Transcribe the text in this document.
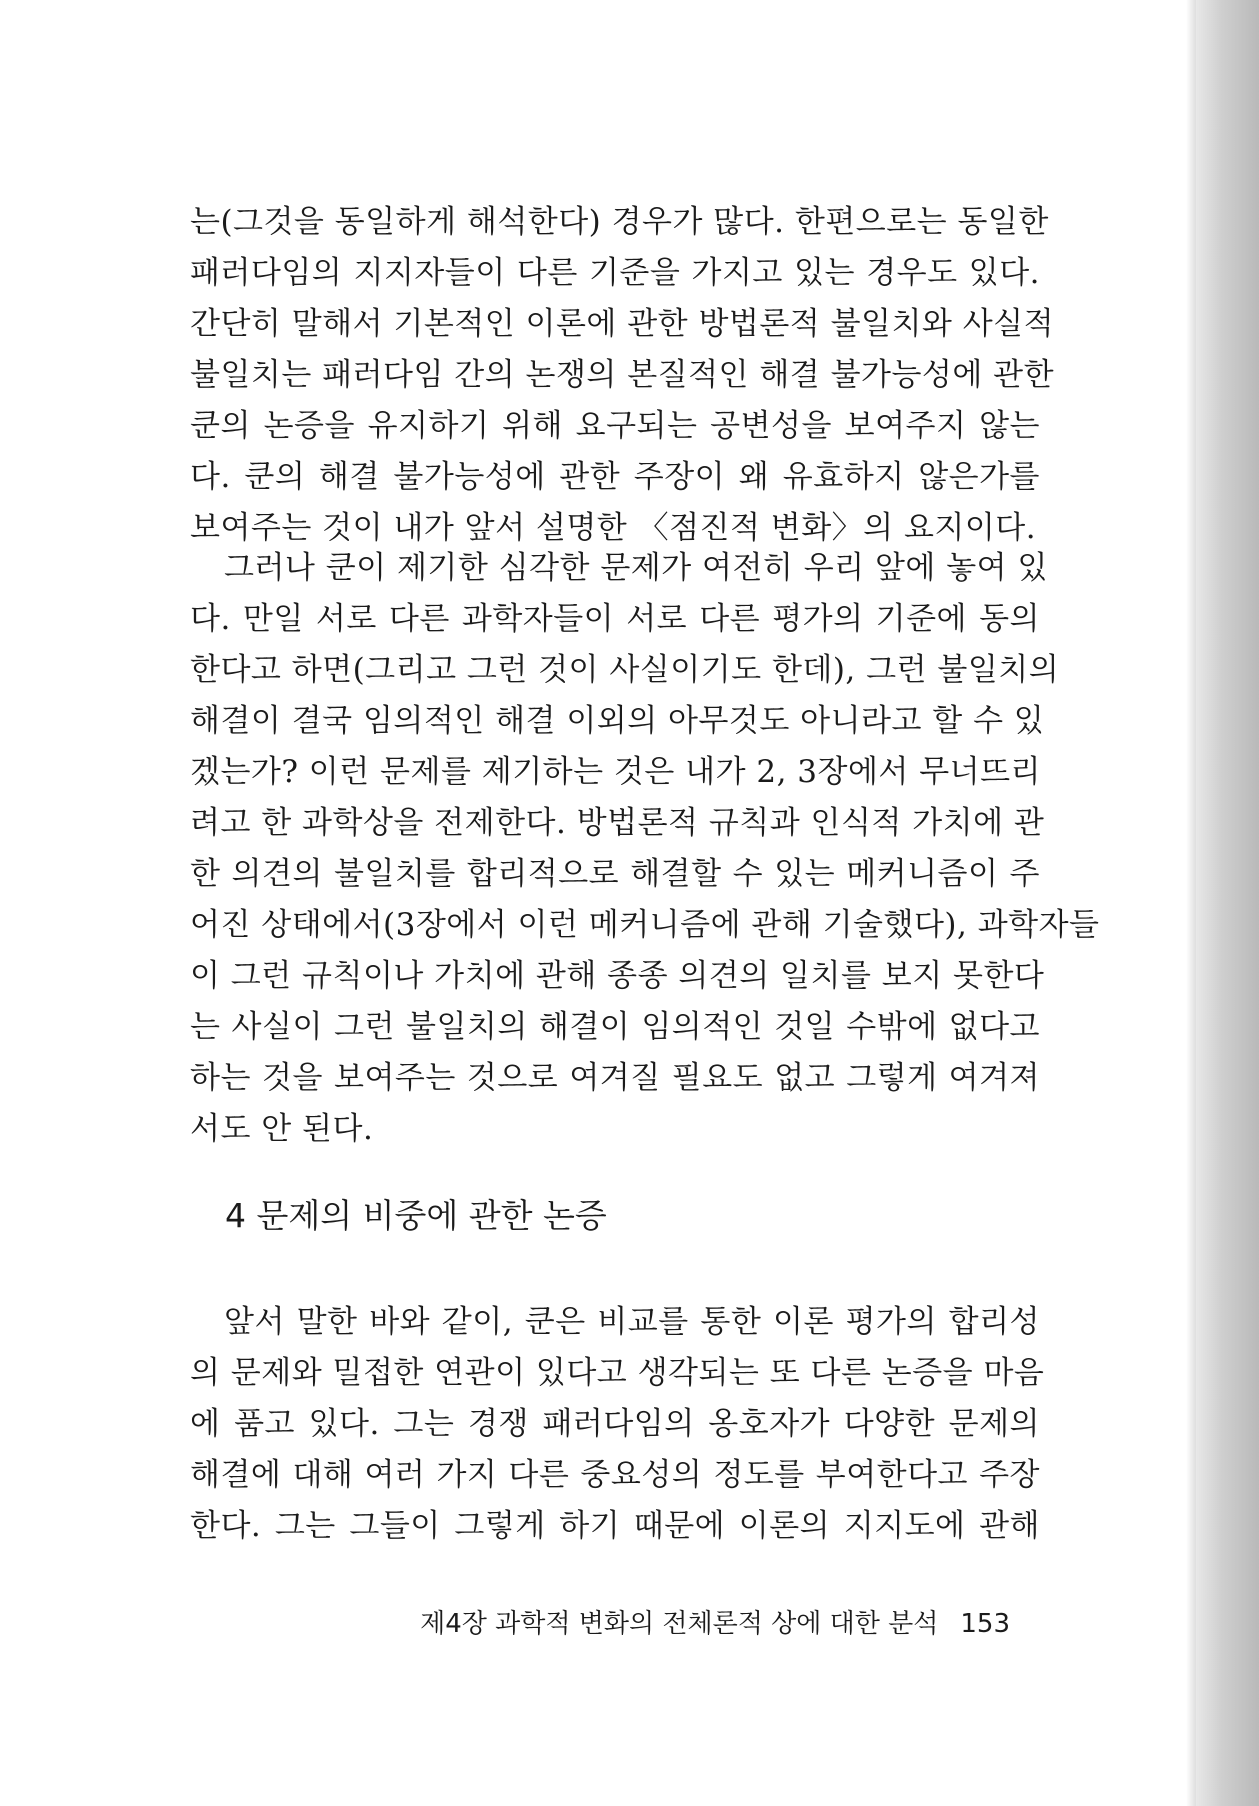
는(그것을 동일하게 해석한다) 경우가 많다. 한편으로는 동일한
패러다임의 지지자들이 다른 기준을 가지고 있는 경우도 있다.
간단히 말해서 기본적인 이론에 관한 방법론적 불일치와 사실적
불일치는 패러다임 간의 논쟁의 본질적인 해결 불가능성에 관한
쿤의 논증을 유지하기 위해 요구되는 공변성을 보여주지 않는
다. 쿤의 해결 불가능성에 관한 주장이 왜 유효하지 않은가를
보여주는 것이 내가 앞서 설명한 〈점진적 변화〉의 요지이다.
그러나 쿤이 제기한 심각한 문제가 여전히 우리 앞에 놓여 있
다. 만일 서로 다른 과학자들이 서로 다른 평가의 기준에 동의
한다고 하면(그리고 그런 것이 사실이기도 한데), 그런 불일치의
해결이 결국 임의적인 해결 이외의 아무것도 아니라고 할 수 있
겠는가? 이런 문제를 제기하는 것은 내가 2, 3장에서 무너뜨리
려고 한 과학상을 전제한다. 방법론적 규칙과 인식적 가치에 관
한 의견의 불일치를 합리적으로 해결할 수 있는 메커니즘이 주
어진 상태에서(3장에서 이런 메커니즘에 관해 기술했다), 과학자들
이 그런 규칙이나 가치에 관해 종종 의견의 일치를 보지 못한다
는 사실이 그런 불일치의 해결이 임의적인 것일 수밖에 없다고
하는 것을 보여주는 것으로 여겨질 필요도 없고 그렇게 여겨져
서도 안 된다.
4 문제의 비중에 관한 논증
앞서 말한 바와 같이, 쿤은 비교를 통한 이론 평가의 합리성
의 문제와 밀접한 연관이 있다고 생각되는 또 다른 논증을 마음
에 품고 있다. 그는 경쟁 패러다임의 옹호자가 다양한 문제의
해결에 대해 여러 가지 다른 중요성의 정도를 부여한다고 주장
한다. 그는 그들이 그렇게 하기 때문에 이론의 지지도에 관해
제4장 과학적 변화의 전체론적 상에 대한 분석 153
